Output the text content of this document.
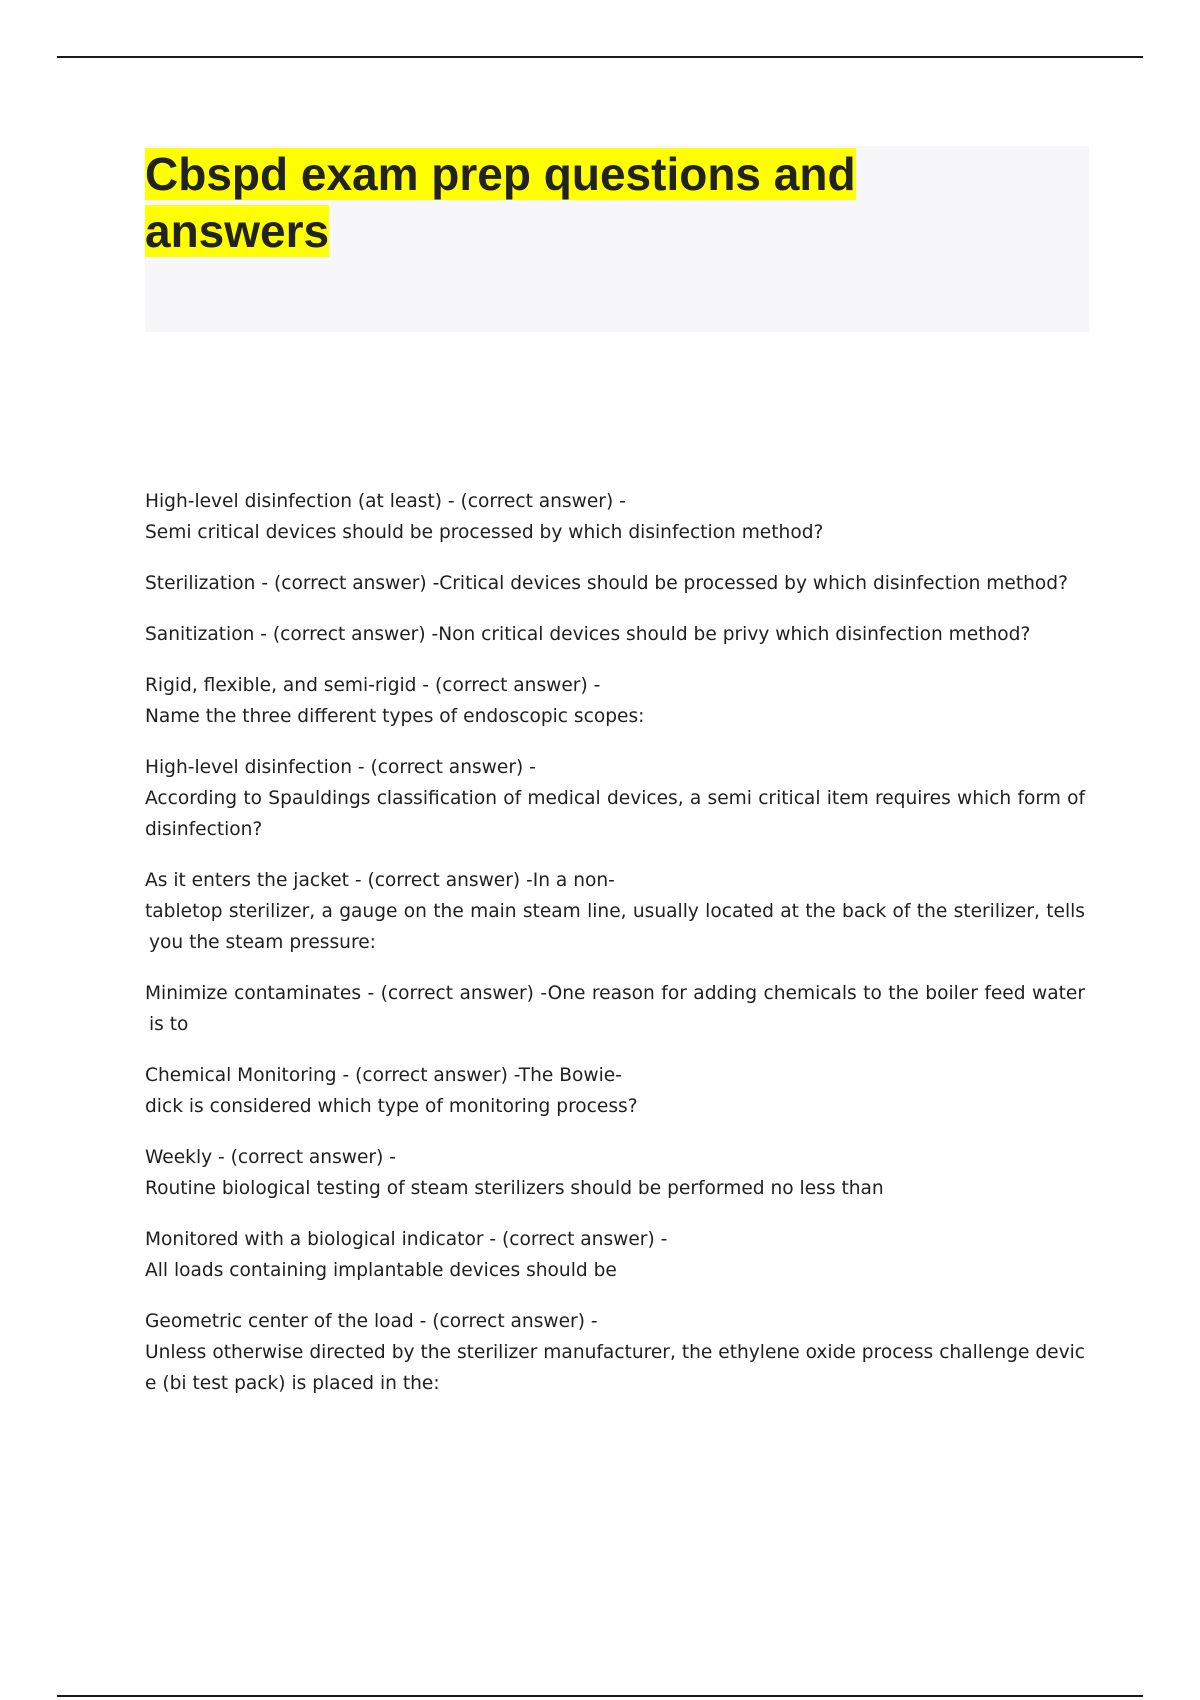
Cbspd exam prep questions and
answers
High-level disinfection (at least) - (correct answer) -
Semi critical devices should be processed by which disinfection method?
Sterilization - (correct answer) -Critical devices should be processed by which disinfection method?
Sanitization - (correct answer) -Non critical devices should be privy which disinfection method?
Rigid, flexible, and semi-rigid - (correct answer) -
Name the three different types of endoscopic scopes:
High-level disinfection - (correct answer) -
According to Spauldings classification of medical devices, a semi critical item requires which form of
disinfection?
As it enters the jacket - (correct answer) -In a non-
tabletop sterilizer, a gauge on the main steam line, usually located at the back of the sterilizer, tells
you the steam pressure:
Minimize contaminates - (correct answer) -One reason for adding chemicals to the boiler feed water
is to
Chemical Monitoring - (correct answer) -The Bowie-
dick is considered which type of monitoring process?
Weekly - (correct answer) -
Routine biological testing of steam sterilizers should be performed no less than
Monitored with a biological indicator - (correct answer) -
All loads containing implantable devices should be
Geometric center of the load - (correct answer) -
Unless otherwise directed by the sterilizer manufacturer, the ethylene oxide process challenge devic
e (bi test pack) is placed in the:
